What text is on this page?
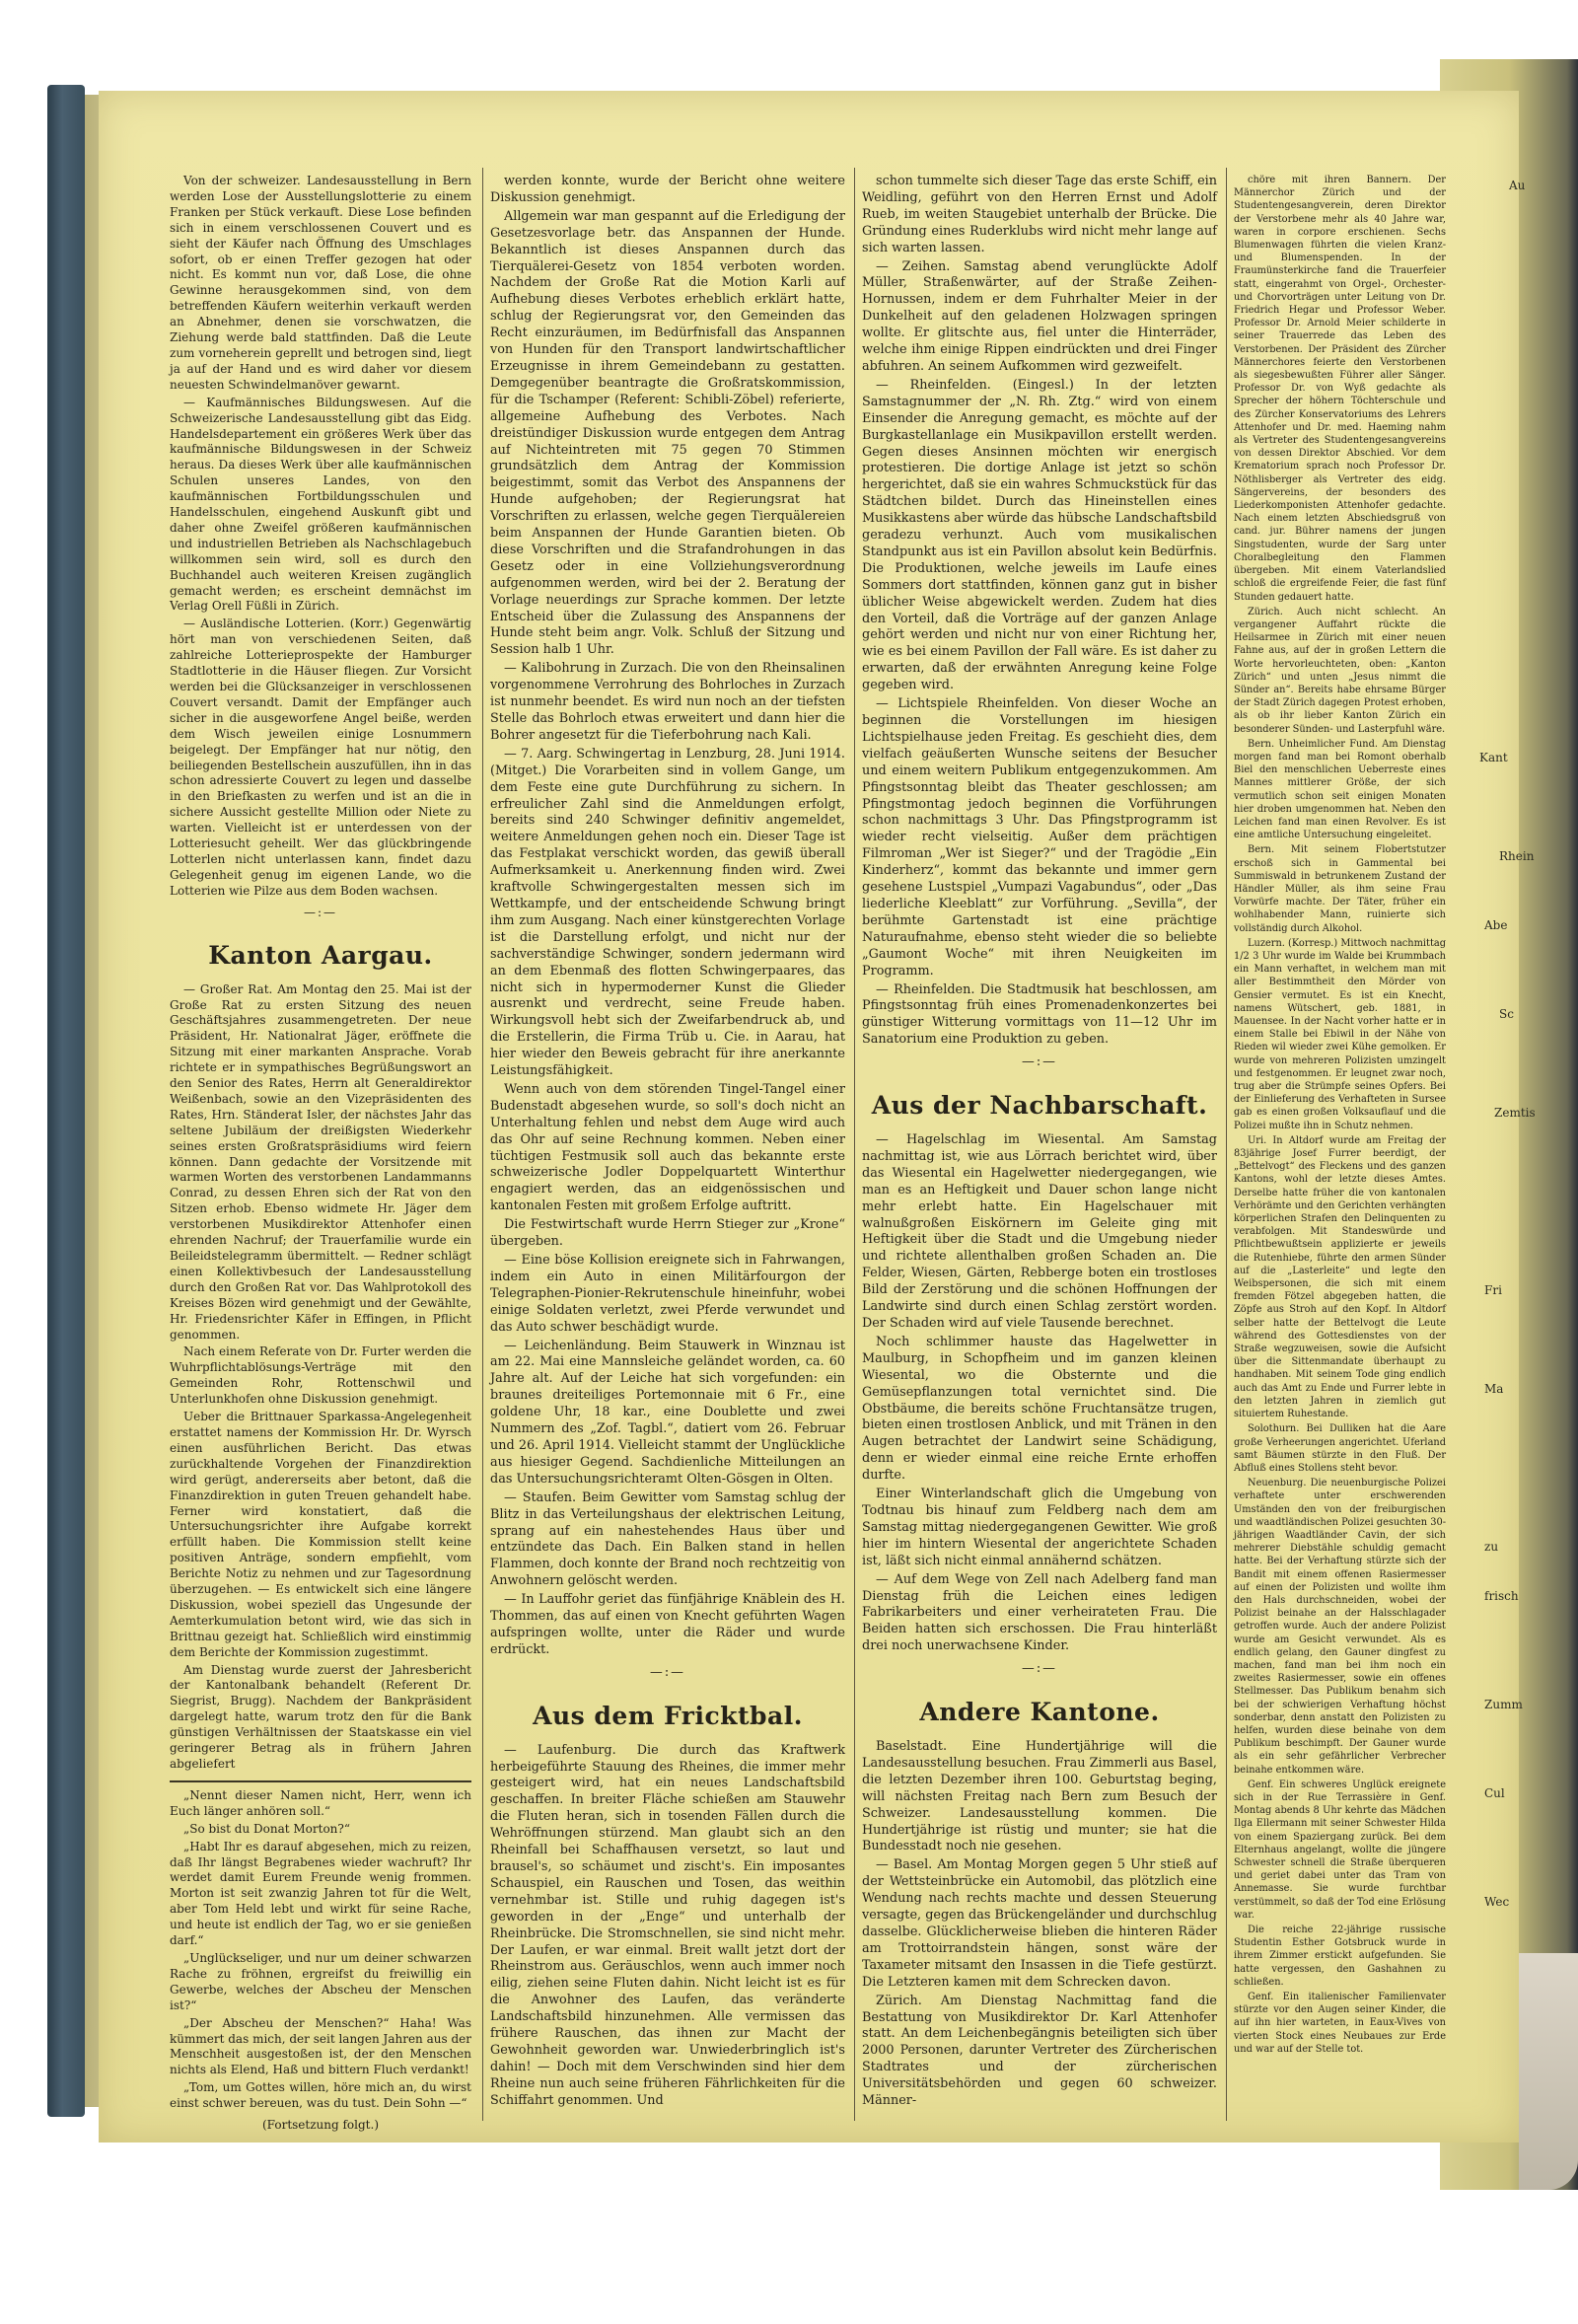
Von der schweizer. Landesausstellung in Bern werden Lose der Ausstellungslotterie zu einem Franken per Stück verkauft. Diese Lose befinden sich in einem verschlossenen Couvert und es sieht der Käufer nach Öffnung des Umschlages sofort, ob er einen Treffer gezogen hat oder nicht. Es kommt nun vor, daß Lose, die ohne Gewinne herausgekommen sind, von dem betreffenden Käufern weiterhin verkauft werden an Abnehmer, denen sie vorschwatzen, die Ziehung werde bald stattfinden. Daß die Leute zum vorneherein geprellt und betrogen sind, liegt ja auf der Hand und es wird daher vor diesem neuesten Schwindelmanöver gewarnt.

— Kaufmännisches Bildungswesen. Auf die Schweizerische Landesausstellung gibt das Eidg. Handelsdepartement ein größeres Werk über das kaufmännische Bildungswesen in der Schweiz heraus. Da dieses Werk über alle kaufmännischen Schulen unseres Landes, von den kaufmännischen Fortbildungsschulen und Handelsschulen, eingehend Auskunft gibt und daher ohne Zweifel größeren kaufmännischen und industriellen Betrieben als Nachschlagebuch willkommen sein wird, soll es durch den Buchhandel auch weiteren Kreisen zugänglich gemacht werden; es erscheint demnächst im Verlag Orell Füßli in Zürich.

— Ausländische Lotterien. (Korr.) Gegenwärtig hört man von verschiedenen Seiten, daß zahlreiche Lotterieprospekte der Hamburger Stadtlotterie in die Häuser fliegen. Zur Vorsicht werden bei die Glücksanzeiger in verschlossenen Couvert versandt. Damit der Empfänger auch sicher in die ausgeworfene Angel beiße, werden dem Wisch jeweilen einige Losnummern beigelegt. Der Empfänger hat nur nötig, den beiliegenden Bestellschein auszufüllen, ihn in das schon adressierte Couvert zu legen und dasselbe in den Briefkasten zu werfen und ist an die in sichere Aussicht gestellte Million oder Niete zu warten. Vielleicht ist er unterdessen von der Lotteriesucht geheilt. Wer das glückbringende Lotterlen nicht unterlassen kann, findet dazu Gelegenheit genug im eigenen Lande, wo die Lotterien wie Pilze aus dem Boden wachsen.

—:—
Kanton Aargau.

— Großer Rat. Am Montag den 25. Mai ist der Große Rat zu ersten Sitzung des neuen Geschäftsjahres zusammengetreten. Der neue Präsident, Hr. Nationalrat Jäger, eröffnete die Sitzung mit einer markanten Ansprache. Vorab richtete er in sympathisches Begrüßungswort an den Senior des Rates, Herrn alt Generaldirektor Weißenbach, sowie an den Vizepräsidenten des Rates, Hrn. Ständerat Isler, der nächstes Jahr das seltene Jubiläum der dreißigsten Wiederkehr seines ersten Großratspräsidiums wird feiern können. Dann gedachte der Vorsitzende mit warmen Worten des verstorbenen Landammanns Conrad, zu dessen Ehren sich der Rat von den Sitzen erhob. Ebenso widmete Hr. Jäger dem verstorbenen Musikdirektor Attenhofer einen ehrenden Nachruf; der Trauerfamilie wurde ein Beileidstelegramm übermittelt. — Redner schlägt einen Kollektivbesuch der Landesausstellung durch den Großen Rat vor. Das Wahlprotokoll des Kreises Bözen wird genehmigt und der Gewählte, Hr. Friedensrichter Käfer in Effingen, in Pflicht genommen.

Nach einem Referate von Dr. Furter werden die Wuhrpflichtablösungs-Verträge mit den Gemeinden Rohr, Rottenschwil und Unterlunkhofen ohne Diskussion genehmigt.

Ueber die Brittnauer Sparkassa-Angelegenheit erstattet namens der Kommission Hr. Dr. Wyrsch einen ausführlichen Bericht. Das etwas zurückhaltende Vorgehen der Finanzdirektion wird gerügt, andererseits aber betont, daß die Finanzdirektion in guten Treuen gehandelt habe. Ferner wird konstatiert, daß die Untersuchungsrichter ihre Aufgabe korrekt erfüllt haben. Die Kommission stellt keine positiven Anträge, sondern empfiehlt, vom Berichte Notiz zu nehmen und zur Tagesordnung überzugehen. — Es entwickelt sich eine längere Diskussion, wobei speziell das Ungesunde der Aemterkumulation betont wird, wie das sich in Brittnau gezeigt hat. Schließlich wird einstimmig dem Berichte der Kommission zugestimmt.

Am Dienstag wurde zuerst der Jahresbericht der Kantonalbank behandelt (Referent Dr. Siegrist, Brugg). Nachdem der Bankpräsident dargelegt hatte, warum trotz den für die Bank günstigen Verhältnissen der Staatskasse ein viel geringerer Betrag als in frühern Jahren abgeliefert

„Nennt dieser Namen nicht, Herr, wenn ich Euch länger anhören soll.“

„So bist du Donat Morton?“

„Habt Ihr es darauf abgesehen, mich zu reizen, daß Ihr längst Begrabenes wieder wachruft? Ihr werdet damit Eurem Freunde wenig frommen. Morton ist seit zwanzig Jahren tot für die Welt, aber Tom Held lebt und wirkt für seine Rache, und heute ist endlich der Tag, wo er sie genießen darf.“

„Unglückseliger, und nur um deiner schwarzen Rache zu fröhnen, ergreifst du freiwillig ein Gewerbe, welches der Abscheu der Menschen ist?“

„Der Abscheu der Menschen?“ Haha! Was kümmert das mich, der seit langen Jahren aus der Menschheit ausgestoßen ist, der den Menschen nichts als Elend, Haß und bittern Fluch verdankt!

„Tom, um Gottes willen, höre mich an, du wirst einst schwer bereuen, was du tust. Dein Sohn —“

(Fortsetzung folgt.)

werden konnte, wurde der Bericht ohne weitere Diskussion genehmigt.

Allgemein war man gespannt auf die Erledigung der Gesetzesvorlage betr. das Anspannen der Hunde. Bekanntlich ist dieses Anspannen durch das Tierquälerei-Gesetz von 1854 verboten worden. Nachdem der Große Rat die Motion Karli auf Aufhebung dieses Verbotes erheblich erklärt hatte, schlug der Regierungsrat vor, den Gemeinden das Recht einzuräumen, im Bedürfnisfall das Anspannen von Hunden für den Transport landwirtschaftlicher Erzeugnisse in ihrem Gemeindebann zu gestatten. Demgegenüber beantragte die Großratskommission, für die Tschamper (Referent: Schibli-Zöbel) referierte, allgemeine Aufhebung des Verbotes. Nach dreistündiger Diskussion wurde entgegen dem Antrag auf Nichteintreten mit 75 gegen 70 Stimmen grundsätzlich dem Antrag der Kommission beigestimmt, somit das Verbot des Anspannens der Hunde aufgehoben; der Regierungsrat hat Vorschriften zu erlassen, welche gegen Tierquälereien beim Anspannen der Hunde Garantien bieten. Ob diese Vorschriften und die Strafandrohungen in das Gesetz oder in eine Vollziehungsverordnung aufgenommen werden, wird bei der 2. Beratung der Vorlage neuerdings zur Sprache kommen. Der letzte Entscheid über die Zulassung des Anspannens der Hunde steht beim angr. Volk. Schluß der Sitzung und Session halb 1 Uhr.

— Kalibohrung in Zurzach. Die von den Rheinsalinen vorgenommene Verrohrung des Bohrloches in Zurzach ist nunmehr beendet. Es wird nun noch an der tiefsten Stelle das Bohrloch etwas erweitert und dann hier die Bohrer angesetzt für die Tieferbohrung nach Kali.

— 7. Aarg. Schwingertag in Lenzburg, 28. Juni 1914. (Mitget.) Die Vorarbeiten sind in vollem Gange, um dem Feste eine gute Durchführung zu sichern. In erfreulicher Zahl sind die Anmeldungen erfolgt, bereits sind 240 Schwinger definitiv angemeldet, weitere Anmeldungen gehen noch ein. Dieser Tage ist das Festplakat verschickt worden, das gewiß überall Aufmerksamkeit u. Anerkennung finden wird. Zwei kraftvolle Schwingergestalten messen sich im Wettkampfe, und der entscheidende Schwung bringt ihm zum Ausgang. Nach einer künstgerechten Vorlage ist die Darstellung erfolgt, und nicht nur der sachverständige Schwinger, sondern jedermann wird an dem Ebenmaß des flotten Schwingerpaares, das nicht sich in hypermoderner Kunst die Glieder ausrenkt und verdrecht, seine Freude haben. Wirkungsvoll hebt sich der Zweifarbendruck ab, und die Erstellerin, die Firma Trüb u. Cie. in Aarau, hat hier wieder den Beweis gebracht für ihre anerkannte Leistungsfähigkeit.

Wenn auch von dem störenden Tingel-Tangel einer Budenstadt abgesehen wurde, so soll's doch nicht an Unterhaltung fehlen und nebst dem Auge wird auch das Ohr auf seine Rechnung kommen. Neben einer tüchtigen Festmusik soll auch das bekannte erste schweizerische Jodler Doppelquartett Winterthur engagiert werden, das an eidgenössischen und kantonalen Festen mit großem Erfolge auftritt.

Die Festwirtschaft wurde Herrn Stieger zur „Krone“ übergeben.

— Eine böse Kollision ereignete sich in Fahrwangen, indem ein Auto in einen Militärfourgon der Telegraphen-Pionier-Rekrutenschule hineinfuhr, wobei einige Soldaten verletzt, zwei Pferde verwundet und das Auto schwer beschädigt wurde.

— Leichenländung. Beim Stauwerk in Winznau ist am 22. Mai eine Mannsleiche geländet worden, ca. 60 Jahre alt. Auf der Leiche hat sich vorgefunden: ein braunes dreiteiliges Portemonnaie mit 6 Fr., eine goldene Uhr, 18 kar., eine Doublette und zwei Nummern des „Zof. Tagbl.“, datiert vom 26. Februar und 26. April 1914. Vielleicht stammt der Unglückliche aus hiesiger Gegend. Sachdienliche Mitteilungen an das Untersuchungsrichteramt Olten-Gösgen in Olten.

— Staufen. Beim Gewitter vom Samstag schlug der Blitz in das Verteilungshaus der elektrischen Leitung, sprang auf ein nahestehendes Haus über und entzündete das Dach. Ein Balken stand in hellen Flammen, doch konnte der Brand noch rechtzeitig von Anwohnern gelöscht werden.

— In Lauffohr geriet das fünfjährige Knäblein des H. Thommen, das auf einen von Knecht geführten Wagen aufspringen wollte, unter die Räder und wurde erdrückt.

—:—
Aus dem Fricktbal.

— Laufenburg. Die durch das Kraftwerk herbeigeführte Stauung des Rheines, die immer mehr gesteigert wird, hat ein neues Landschaftsbild geschaffen. In breiter Fläche schießen am Stauwehr die Fluten heran, sich in tosenden Fällen durch die Wehröffnungen stürzend. Man glaubt sich an den Rheinfall bei Schaffhausen versetzt, so laut und brausel's, so schäumet und zischt's. Ein imposantes Schauspiel, ein Rauschen und Tosen, das weithin vernehmbar ist. Stille und ruhig dagegen ist's geworden in der „Enge“ und unterhalb der Rheinbrücke. Die Stromschnellen, sie sind nicht mehr. Der Laufen, er war einmal. Breit wallt jetzt dort der Rheinstrom aus. Geräuschlos, wenn auch immer noch eilig, ziehen seine Fluten dahin. Nicht leicht ist es für die Anwohner des Laufen, das veränderte Landschaftsbild hinzunehmen. Alle vermissen das frühere Rauschen, das ihnen zur Macht der Gewohnheit geworden war. Unwiederbringlich ist's dahin! — Doch mit dem Verschwinden sind hier dem Rheine nun auch seine früheren Fährlichkeiten für die Schiffahrt genommen. Und

schon tummelte sich dieser Tage das erste Schiff, ein Weidling, geführt von den Herren Ernst und Adolf Rueb, im weiten Staugebiet unterhalb der Brücke. Die Gründung eines Ruderklubs wird nicht mehr lange auf sich warten lassen.

— Zeihen. Samstag abend verunglückte Adolf Müller, Straßenwärter, auf der Straße Zeihen-Hornussen, indem er dem Fuhrhalter Meier in der Dunkelheit auf den geladenen Holzwagen springen wollte. Er glitschte aus, fiel unter die Hinterräder, welche ihm einige Rippen eindrückten und drei Finger abfuhren. An seinem Aufkommen wird gezweifelt.

— Rheinfelden. (Eingesl.) In der letzten Samstagnummer der „N. Rh. Ztg.“ wird von einem Einsender die Anregung gemacht, es möchte auf der Burgkastellanlage ein Musikpavillon erstellt werden. Gegen dieses Ansinnen möchten wir energisch protestieren. Die dortige Anlage ist jetzt so schön hergerichtet, daß sie ein wahres Schmuckstück für das Städtchen bildet. Durch das Hineinstellen eines Musikkastens aber würde das hübsche Landschaftsbild geradezu verhunzt. Auch vom musikalischen Standpunkt aus ist ein Pavillon absolut kein Bedürfnis. Die Produktionen, welche jeweils im Laufe eines Sommers dort stattfinden, können ganz gut in bisher üblicher Weise abgewickelt werden. Zudem hat dies den Vorteil, daß die Vorträge auf der ganzen Anlage gehört werden und nicht nur von einer Richtung her, wie es bei einem Pavillon der Fall wäre. Es ist daher zu erwarten, daß der erwähnten Anregung keine Folge gegeben wird.

— Lichtspiele Rheinfelden. Von dieser Woche an beginnen die Vorstellungen im hiesigen Lichtspielhause jeden Freitag. Es geschieht dies, dem vielfach geäußerten Wunsche seitens der Besucher und einem weitern Publikum entgegenzukommen. Am Pfingstsonntag bleibt das Theater geschlossen; am Pfingstmontag jedoch beginnen die Vorführungen schon nachmittags 3 Uhr. Das Pfingstprogramm ist wieder recht vielseitig. Außer dem prächtigen Filmroman „Wer ist Sieger?“ und der Tragödie „Ein Kinderherz“, kommt das bekannte und immer gern gesehene Lustspiel „Vumpazi Vagabundus“, oder „Das liederliche Kleeblatt“ zur Vorführung. „Sevilla“, der berühmte Gartenstadt ist eine prächtige Naturaufnahme, ebenso steht wieder die so beliebte „Gaumont Woche“ mit ihren Neuigkeiten im Programm.

— Rheinfelden. Die Stadtmusik hat beschlossen, am Pfingstsonntag früh eines Promenadenkonzertes bei günstiger Witterung vormittags von 11—12 Uhr im Sanatorium eine Produktion zu geben.

—:—
Aus der Nachbarschaft.

— Hagelschlag im Wiesental. Am Samstag nachmittag ist, wie aus Lörrach berichtet wird, über das Wiesental ein Hagelwetter niedergegangen, wie man es an Heftigkeit und Dauer schon lange nicht mehr erlebt hatte. Ein Hagelschauer mit walnußgroßen Eiskörnern im Geleite ging mit Heftigkeit über die Stadt und die Umgebung nieder und richtete allenthalben großen Schaden an. Die Felder, Wiesen, Gärten, Rebberge boten ein trostloses Bild der Zerstörung und die schönen Hoffnungen der Landwirte sind durch einen Schlag zerstört worden. Der Schaden wird auf viele Tausende berechnet.

Noch schlimmer hauste das Hagelwetter in Maulburg, in Schopfheim und im ganzen kleinen Wiesental, wo die Obsternte und die Gemüsepflanzungen total vernichtet sind. Die Obstbäume, die bereits schöne Fruchtansätze trugen, bieten einen trostlosen Anblick, und mit Tränen in den Augen betrachtet der Landwirt seine Schädigung, denn er wieder einmal eine reiche Ernte erhoffen durfte.

Einer Winterlandschaft glich die Umgebung von Todtnau bis hinauf zum Feldberg nach dem am Samstag mittag niedergegangenen Gewitter. Wie groß hier im hintern Wiesental der angerichtete Schaden ist, läßt sich nicht einmal annähernd schätzen.

— Auf dem Wege von Zell nach Adelberg fand man Dienstag früh die Leichen eines ledigen Fabrikarbeiters und einer verheirateten Frau. Die Beiden hatten sich erschossen. Die Frau hinterläßt drei noch unerwachsene Kinder.

—:—
Andere Kantone.

Baselstadt. Eine Hundertjährige will die Landesausstellung besuchen. Frau Zimmerli aus Basel, die letzten Dezember ihren 100. Geburtstag beging, will nächsten Freitag nach Bern zum Besuch der Schweizer. Landesausstellung kommen. Die Hundertjährige ist rüstig und munter; sie hat die Bundesstadt noch nie gesehen.

— Basel. Am Montag Morgen gegen 5 Uhr stieß auf der Wettsteinbrücke ein Automobil, das plötzlich eine Wendung nach rechts machte und dessen Steuerung versagte, gegen das Brückengeländer und durchschlug dasselbe. Glücklicherweise blieben die hinteren Räder am Trottoirrandstein hängen, sonst wäre der Taxameter mitsamt den Insassen in die Tiefe gestürzt. Die Letzteren kamen mit dem Schrecken davon.

Zürich. Am Dienstag Nachmittag fand die Bestattung von Musikdirektor Dr. Karl Attenhofer statt. An dem Leichenbegängnis beteiligten sich über 2000 Personen, darunter Vertreter des Zürcherischen Stadtrates und der zürcherischen Universitätsbehörden und gegen 60 schweizer. Männer-

chöre mit ihren Bannern. Der Männerchor Zürich und der Studentengesangverein, deren Direktor der Verstorbene mehr als 40 Jahre war, waren in corpore erschienen. Sechs Blumenwagen führten die vielen Kranz- und Blumenspenden. In der Fraumünsterkirche fand die Trauerfeier statt, eingerahmt von Orgel-, Orchester- und Chorvorträgen unter Leitung von Dr. Friedrich Hegar und Professor Weber. Professor Dr. Arnold Meier schilderte in seiner Trauerrede das Leben des Verstorbenen. Der Präsident des Zürcher Männerchores feierte den Verstorbenen als siegesbewußten Führer aller Sänger. Professor Dr. von Wyß gedachte als Sprecher der höhern Töchterschule und des Zürcher Konservatoriums des Lehrers Attenhofer und Dr. med. Haeming nahm als Vertreter des Studentengesangvereins von dessen Direktor Abschied. Vor dem Krematorium sprach noch Professor Dr. Nöthlisberger als Vertreter des eidg. Sängervereins, der besonders des Liederkomponisten Attenhofer gedachte. Nach einem letzten Abschiedsgruß von cand. jur. Bührer namens der jungen Singstudenten, wurde der Sarg unter Choralbegleitung den Flammen übergeben. Mit einem Vaterlandslied schloß die ergreifende Feier, die fast fünf Stunden gedauert hatte.

Zürich. Auch nicht schlecht. An vergangener Auffahrt rückte die Heilsarmee in Zürich mit einer neuen Fahne aus, auf der in großen Lettern die Worte hervorleuchteten, oben: „Kanton Zürich“ und unten „Jesus nimmt die Sünder an“. Bereits habe ehrsame Bürger der Stadt Zürich dagegen Protest erhoben, als ob ihr lieber Kanton Zürich ein besonderer Sünden- und Lasterpfuhl wäre.

Bern. Unheimlicher Fund. Am Dienstag morgen fand man bei Romont oberhalb Biel den menschlichen Ueberreste eines Mannes mittlerer Größe, der sich vermutlich schon seit einigen Monaten hier droben umgenommen hat. Neben den Leichen fand man einen Revolver. Es ist eine amtliche Untersuchung eingeleitet.

Bern. Mit seinem Flobertstutzer erschoß sich in Gammental bei Summiswald in betrunkenem Zustand der Händler Müller, als ihm seine Frau Vorwürfe machte. Der Täter, früher ein wohlhabender Mann, ruinierte sich vollständig durch Alkohol.

Luzern. (Korresp.) Mittwoch nachmittag 1/2 3 Uhr wurde im Walde bei Krummbach ein Mann verhaftet, in welchem man mit aller Bestimmtheit den Mörder von Gensier vermutet. Es ist ein Knecht, namens Wütschert, geb. 1881, in Mauensee. In der Nacht vorher hatte er in einem Stalle bei Ebiwil in der Nähe von Rieden wil wieder zwei Kühe gemolken. Er wurde von mehreren Polizisten umzingelt und festgenommen. Er leugnet zwar noch, trug aber die Strümpfe seines Opfers. Bei der Einlieferung des Verhafteten in Sursee gab es einen großen Volksauflauf und die Polizei mußte ihn in Schutz nehmen.

Uri. In Altdorf wurde am Freitag der 83jährige Josef Furrer beerdigt, der „Bettelvogt“ des Fleckens und des ganzen Kantons, wohl der letzte dieses Amtes. Derselbe hatte früher die von kantonalen Verhörämte und den Gerichten verhängten körperlichen Strafen den Delinquenten zu verabfolgen. Mit Standeswürde und Pflichtbewußtsein applizierte er jeweils die Rutenhiebe, führte den armen Sünder auf die „Lasterleite“ und legte den Weibspersonen, die sich mit einem fremden Fötzel abgegeben hatten, die Zöpfe aus Stroh auf den Kopf. In Altdorf selber hatte der Bettelvogt die Leute während des Gottesdienstes von der Straße wegzuweisen, sowie die Aufsicht über die Sittenmandate überhaupt zu handhaben. Mit seinem Tode ging endlich auch das Amt zu Ende und Furrer lebte in den letzten Jahren in ziemlich gut situiertem Ruhestande.

Solothurn. Bei Dulliken hat die Aare große Verheerungen angerichtet. Uferland samt Bäumen stürzte in den Fluß. Der Abfluß eines Stollens steht bevor.

Neuenburg. Die neuenburgische Polizei verhaftete unter erschwerenden Umständen den von der freiburgischen und waadtländischen Polizei gesuchten 30-jährigen Waadtländer Cavin, der sich mehrerer Diebstähle schuldig gemacht hatte. Bei der Verhaftung stürzte sich der Bandit mit einem offenen Rasiermesser auf einen der Polizisten und wollte ihm den Hals durchschneiden, wobei der Polizist beinahe an der Halsschlagader getroffen wurde. Auch der andere Polizist wurde am Gesicht verwundet. Als es endlich gelang, den Gauner dingfest zu machen, fand man bei ihm noch ein zweites Rasiermesser, sowie ein offenes Stellmesser. Das Publikum benahm sich bei der schwierigen Verhaftung höchst sonderbar, denn anstatt den Polizisten zu helfen, wurden diese beinahe von dem Publikum beschimpft. Der Gauner wurde als ein sehr gefährlicher Verbrecher beinahe entkommen wäre.

Genf. Ein schweres Unglück ereignete sich in der Rue Terrassière in Genf. Montag abends 8 Uhr kehrte das Mädchen Ilga Ellermann mit seiner Schwester Hilda von einem Spaziergang zurück. Bei dem Elternhaus angelangt, wollte die jüngere Schwester schnell die Straße überqueren und geriet dabei unter das Tram von Annemasse. Sie wurde furchtbar verstümmelt, so daß der Tod eine Erlösung war.

Die reiche 22-jährige russische Studentin Esther Gotsbruck wurde in ihrem Zimmer erstickt aufgefunden. Sie hatte vergessen, den Gashahnen zu schließen.

Genf. Ein italienischer Familienvater stürzte vor den Augen seiner Kinder, die auf ihn hier warteten, in Eaux-Vives von vierten Stock eines Neubaues zur Erde und war auf der Stelle tot.

Au
Kant
Rhein
Abe
Sc
Zemtis
Fri
Ma
zu
frisch
Zumm
Cul
Wec
